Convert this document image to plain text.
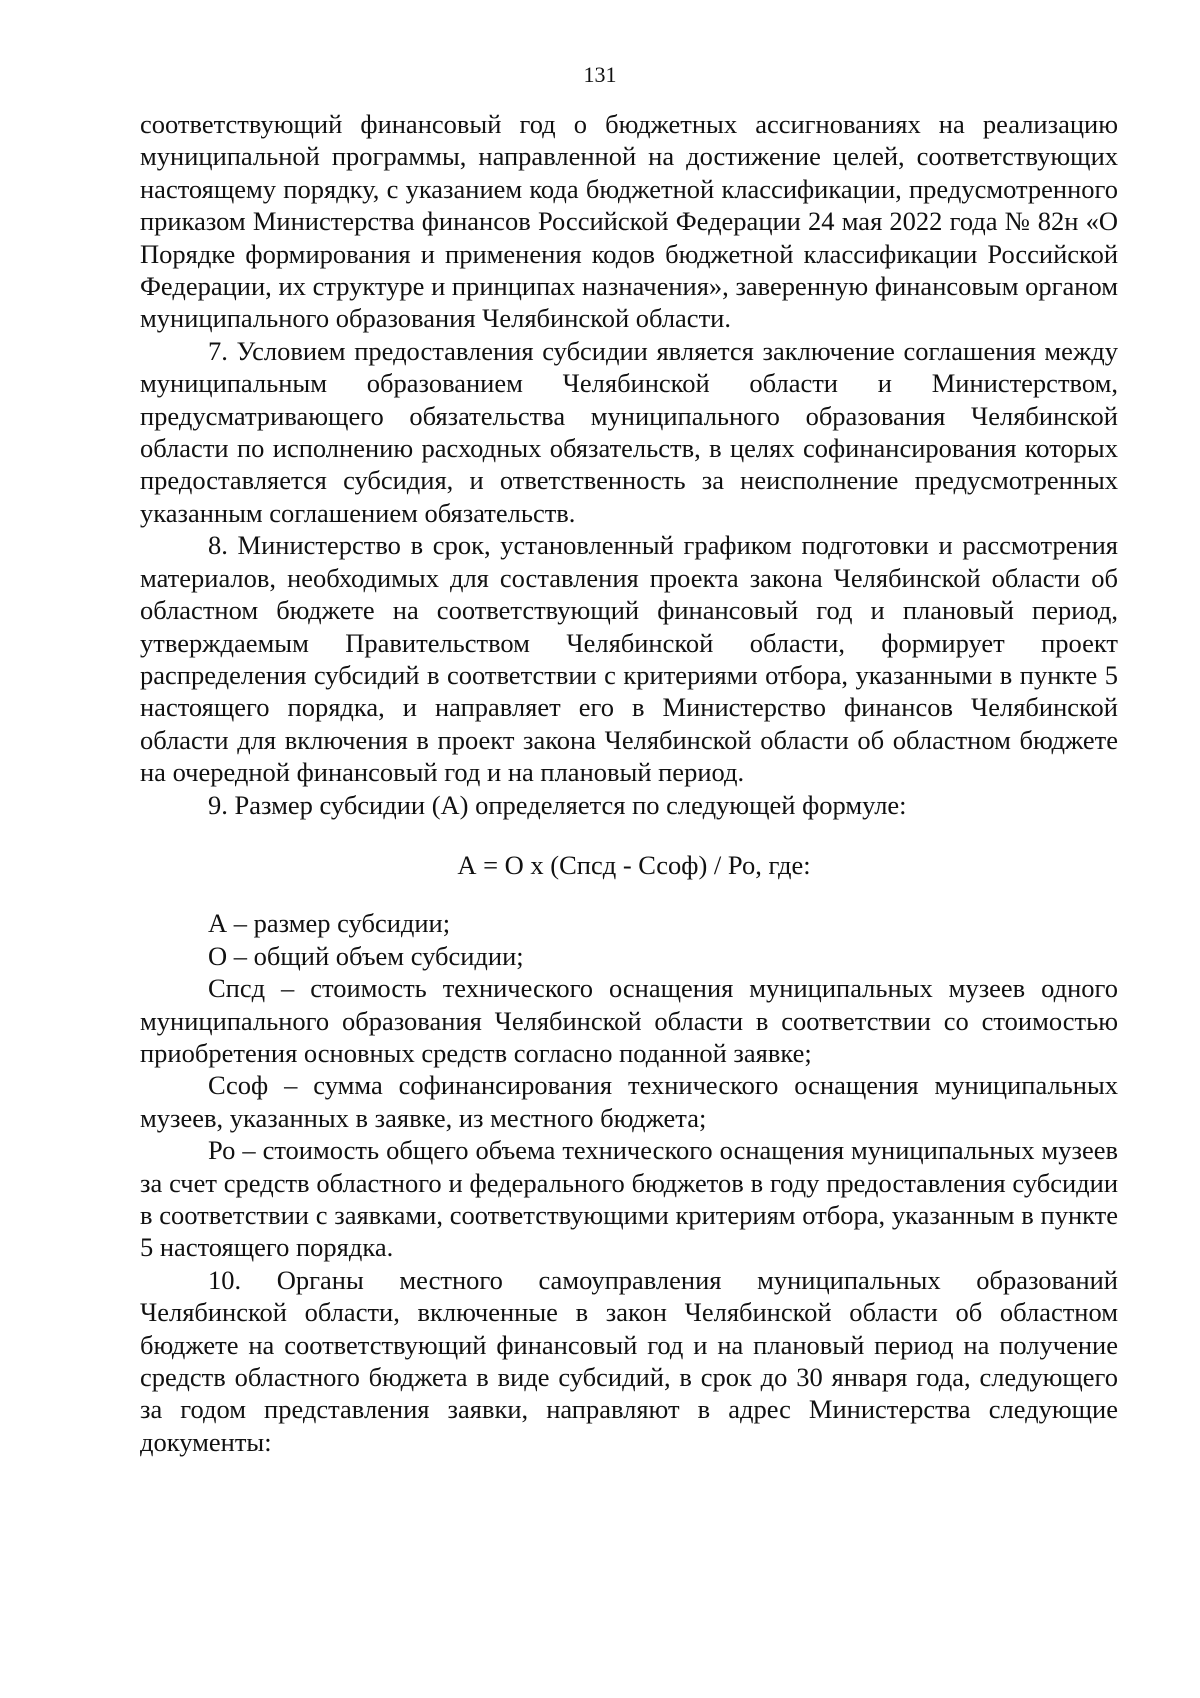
131

соответствующий финансовый год о бюджетных ассигнованиях на реализацию муниципальной программы, направленной на достижение целей, соответствующих настоящему порядку, с указанием кода бюджетной классификации, предусмотренного приказом Министерства финансов Российской Федерации 24 мая 2022 года № 82н «О Порядке формирования и применения кодов бюджетной классификации Российской Федерации, их структуре и принципах назначения», заверенную финансовым органом муниципального образования Челябинской области.

7. Условием предоставления субсидии является заключение соглашения между муниципальным образованием Челябинской области и Министерством, предусматривающего обязательства муниципального образования Челябинской области по исполнению расходных обязательств, в целях софинансирования которых предоставляется субсидия, и ответственность за неисполнение предусмотренных указанным соглашением обязательств.

8. Министерство в срок, установленный графиком подготовки и рассмотрения материалов, необходимых для составления проекта закона Челябинской области об областном бюджете на соответствующий финансовый год и плановый период, утверждаемым Правительством Челябинской области, формирует проект распределения субсидий в соответствии с критериями отбора, указанными в пункте 5 настоящего порядка, и направляет его в Министерство финансов Челябинской области для включения в проект закона Челябинской области об областном бюджете на очередной финансовый год и на плановый период.

9. Размер субсидии (А) определяется по следующей формуле:

А = О х (Спсд - Ссоф) / Ро, где:

А – размер субсидии;

О – общий объем субсидии;

Спсд – стоимость технического оснащения муниципальных музеев одного муниципального образования Челябинской области в соответствии со стоимостью приобретения основных средств согласно поданной заявке;

Ссоф – сумма софинансирования технического оснащения муниципальных музеев, указанных в заявке, из местного бюджета;

Ро – стоимость общего объема технического оснащения муниципальных музеев за счет средств областного и федерального бюджетов в году предоставления субсидии в соответствии с заявками, соответствующими критериям отбора, указанным в пункте 5 настоящего порядка.

10. Органы местного самоуправления муниципальных образований Челябинской области, включенные в закон Челябинской области об областном бюджете на соответствующий финансовый год и на плановый период на получение средств областного бюджета в виде субсидий, в срок до 30 января года, следующего за годом представления заявки, направляют в адрес Министерства следующие документы:
